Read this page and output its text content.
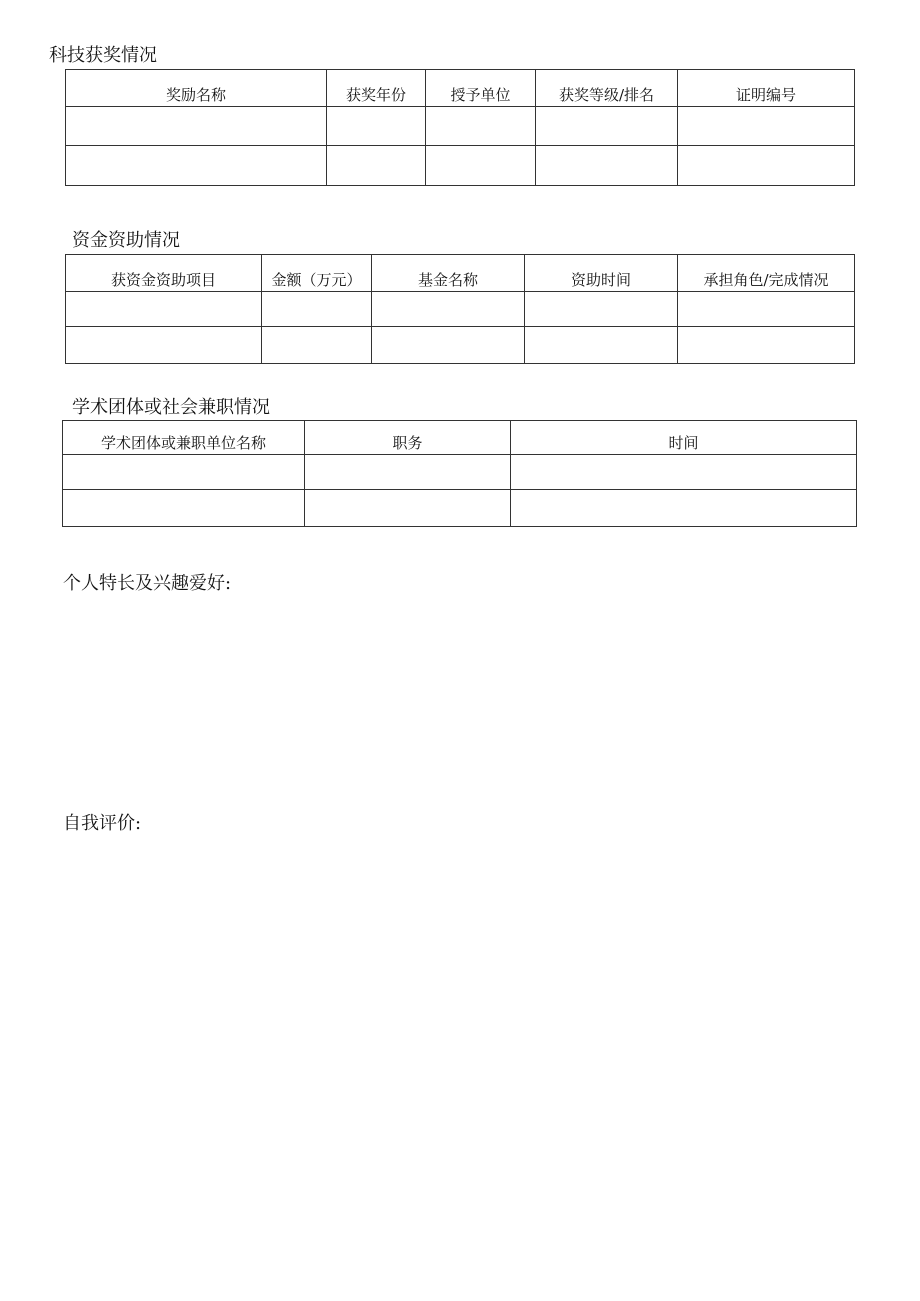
科技获奖情况
奖励名称	获奖年份	授予单位	获奖等级/排名	证明编号

资金资助情况
获资金资助项目	金额（万元）	基金名称	资助时间	承担角色/完成情况

学术团体或社会兼职情况
学术团体或兼职单位名称	职务	时间

个人特长及兴趣爱好:
自我评价:
